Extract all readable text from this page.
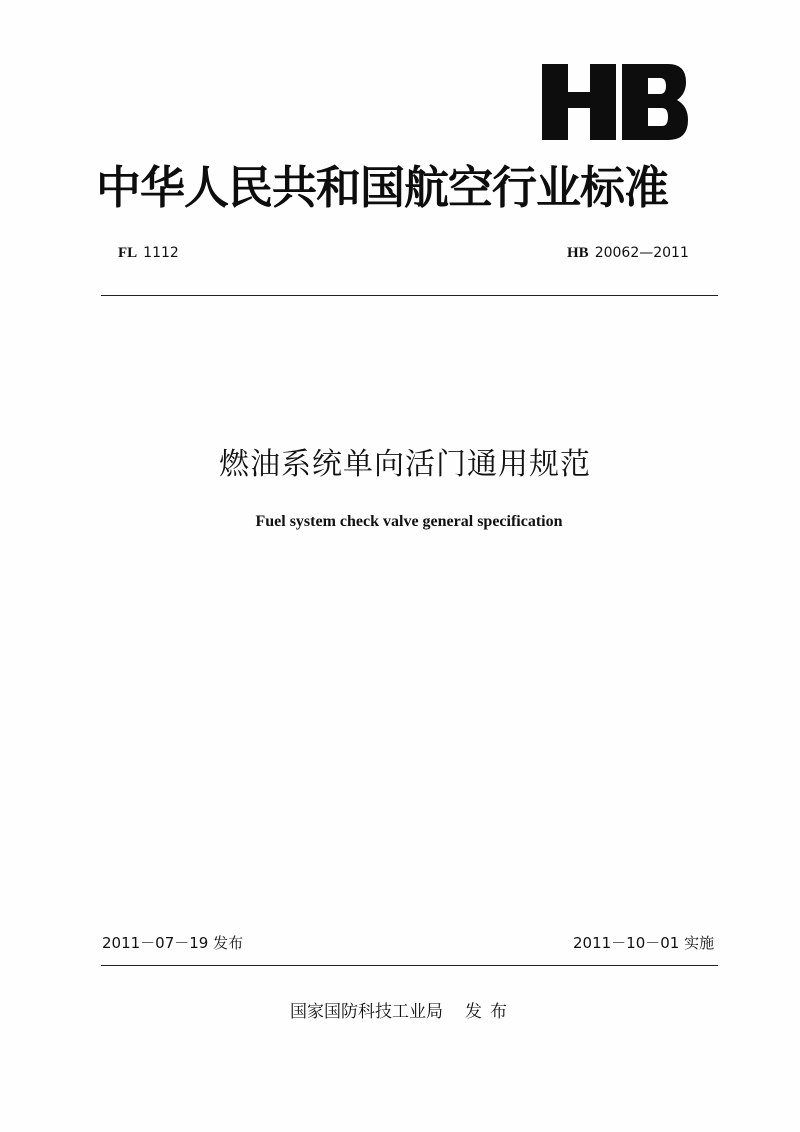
中华人民共和国航空行业标准
FL 1112	HB 20062—2011
燃油系统单向活门通用规范
Fuel system check valve general specification
2011－07－19 发布	2011－10－01 实施
国家国防科技工业局 发布
